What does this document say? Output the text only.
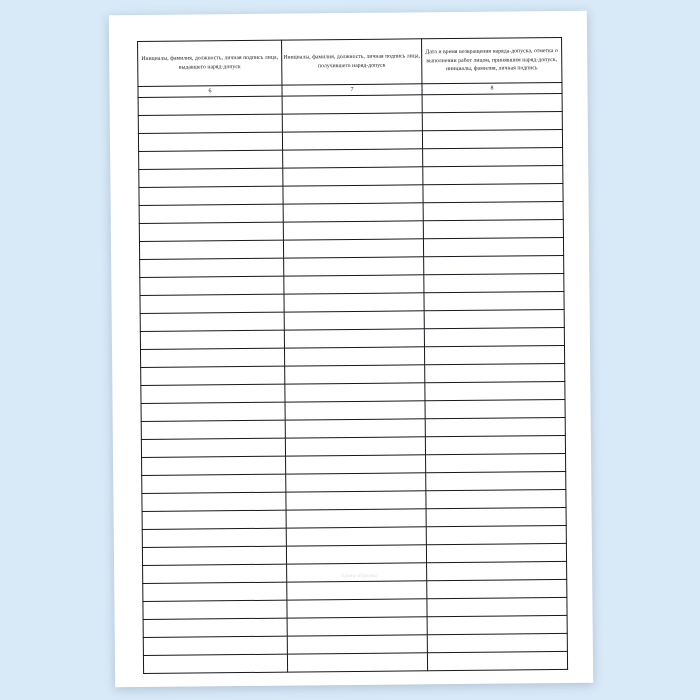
Инициалы, фамилия, должность, личная подпись лица, выдавшего наряд-допуск	Инициалы, фамилия, должность, личная подпись лица, получившего наряд-допуск	Дата и время возвращения наряда-допуска, отметка о выполнении работ лицом, принявшим наряд-допуск, инициалы, фамилия, личная подпись
6	7	8

бланк-образец
